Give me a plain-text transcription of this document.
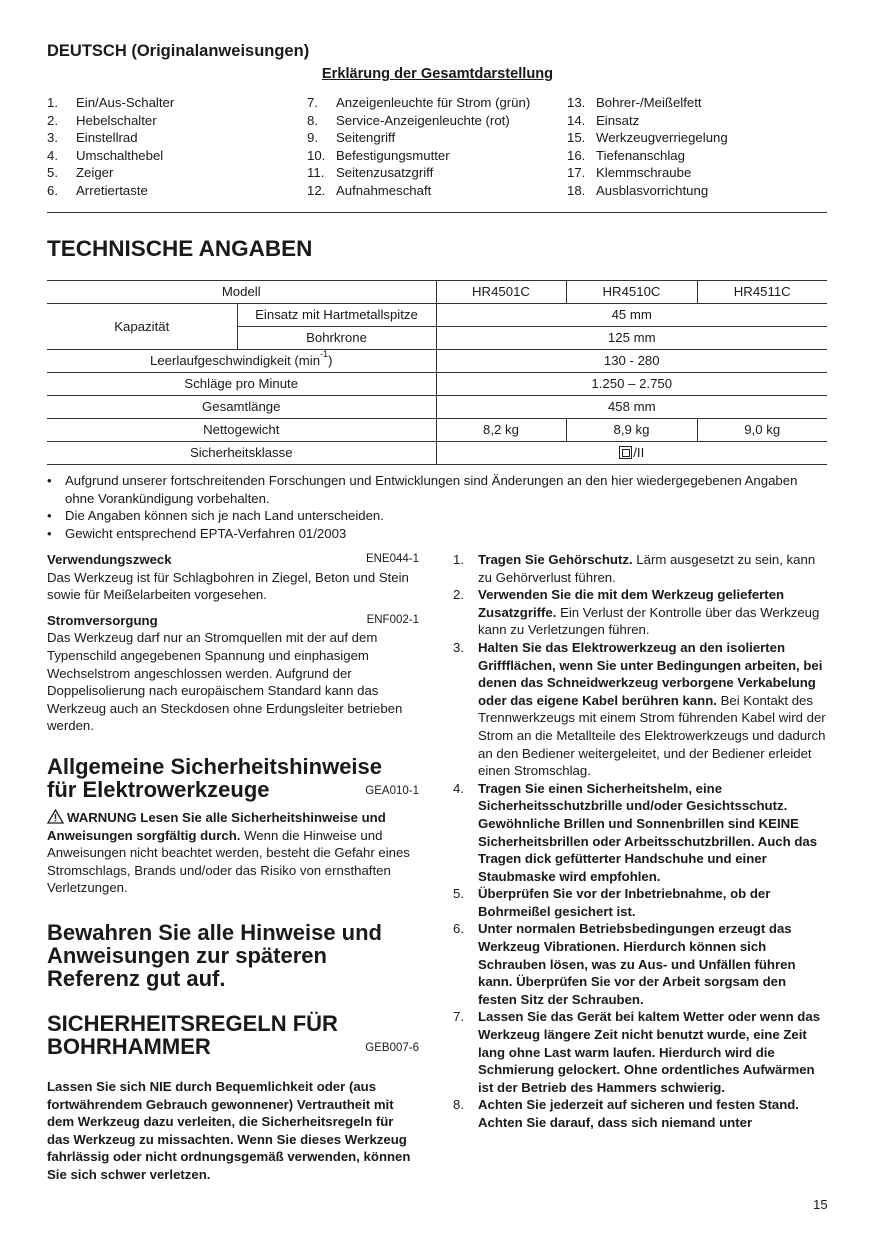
DEUTSCH (Originalanweisungen)
Erklärung der Gesamtdarstellung
1.	Ein/Aus-Schalter
2.	Hebelschalter
3.	Einstellrad
4.	Umschalthebel
5.	Zeiger
6.	Arretiertaste
7.	Anzeigenleuchte für Strom (grün)
8.	Service-Anzeigenleuchte (rot)
9.	Seitengriff
10. Befestigungsmutter
11. Seitenzusatzgriff
12. Aufnahmeschaft
13. Bohrer-/Meißelfett
14. Einsatz
15. Werkzeugverriegelung
16. Tiefenanschlag
17. Klemmschraube
18. Ausblasvorrichtung
TECHNISCHE ANGABEN
Modell		HR4501C	HR4510C	HR4511C
Kapazität	Einsatz mit Hartmetallspitze	45 mm		
	Bohrkrone	125 mm		
Leerlaufgeschwindigkeit $(\min^{-1})$		130 - 280		
Schläge pro Minute		1.250 – 2.750		
Gesamtlänge		458 mm		
Nettogewicht		8,2 kg	8,9 kg	9,0 kg
Sicherheitsklasse		/II		
•	Aufgrund unserer fortschreitenden Forschungen und Entwicklungen sind Änderungen an den hier wiedergegebenen Angaben ohne Vorankündigung vorbehalten.
•	Die Angaben können sich je nach Land unterscheiden.
•	Gewicht entsprechend EPTA-Verfahren 01/2003
Verwendungszweck	ENE044-1
Das Werkzeug ist für Schlagbohren in Ziegel, Beton und Stein sowie für Meißelarbeiten vorgesehen.
Stromversorgung	ENF002-1
Das Werkzeug darf nur an Stromquellen mit der auf dem Typenschild angegebenen Spannung und einphasigem Wechselstrom angeschlossen werden. Aufgrund der Doppelisolierung nach europäischem Standard kann das Werkzeug auch an Steckdosen ohne Erdungsleiter betrieben werden.
Allgemeine Sicherheitshinweise
für Elektrowerkzeuge	GEA010-1
WARNUNG Lesen Sie alle Sicherheitshinweise und Anweisungen sorgfältig durch. Wenn die Hinweise und Anweisungen nicht beachtet werden, besteht die Gefahr eines Stromschlags, Brands und/oder das Risiko von ernsthaften Verletzungen.
Bewahren Sie alle Hinweise und
Anweisungen zur späteren
Referenz gut auf.
SICHERHEITSREGELN FÜR
BOHRHAMMER	GEB007-6
Lassen Sie sich NIE durch Bequemlichkeit oder (aus fortwährendem Gebrauch gewonnener) Vertrautheit mit dem Werkzeug dazu verleiten, die Sicherheitsregeln für das Werkzeug zu missachten. Wenn Sie dieses Werkzeug fahrlässig oder nicht ordnungsgemäß verwenden, können Sie sich schwer verletzen.
1.	Tragen Sie Gehörschutz. Lärm ausgesetzt zu sein, kann zu Gehörverlust führen.
2.	Verwenden Sie die mit dem Werkzeug gelieferten Zusatzgriffe. Ein Verlust der Kontrolle über das Werkzeug kann zu Verletzungen führen.
3.	Halten Sie das Elektrowerkzeug an den isolierten Griffflächen, wenn Sie unter Bedingungen arbeiten, bei denen das Schneidwerkzeug verborgene Verkabelung oder das eigene Kabel berühren kann. Bei Kontakt des Trennwerkzeugs mit einem Strom führenden Kabel wird der Strom an die Metallteile des Elektrowerkzeugs und dadurch an den Bediener weitergeleitet, und der Bediener erleidet einen Stromschlag.
4.	Tragen Sie einen Sicherheitshelm, eine Sicherheitsschutzbrille und/oder Gesichtsschutz. Gewöhnliche Brillen und Sonnenbrillen sind KEINE Sicherheitsbrillen oder Arbeitsschutzbrillen. Auch das Tragen dick gefütterter Handschuhe und einer Staubmaske wird empfohlen.
5.	Überprüfen Sie vor der Inbetriebnahme, ob der Bohrmeißel gesichert ist.
6.	Unter normalen Betriebsbedingungen erzeugt das Werkzeug Vibrationen. Hierdurch können sich Schrauben lösen, was zu Aus- und Unfällen führen kann. Überprüfen Sie vor der Arbeit sorgsam den festen Sitz der Schrauben.
7.	Lassen Sie das Gerät bei kaltem Wetter oder wenn das Werkzeug längere Zeit nicht benutzt wurde, eine Zeit lang ohne Last warm laufen. Hierdurch wird die Schmierung gelockert. Ohne ordentliches Aufwärmen ist der Betrieb des Hammers schwierig.
8.	Achten Sie jederzeit auf sicheren und festen Stand. Achten Sie darauf, dass sich niemand unter
15
